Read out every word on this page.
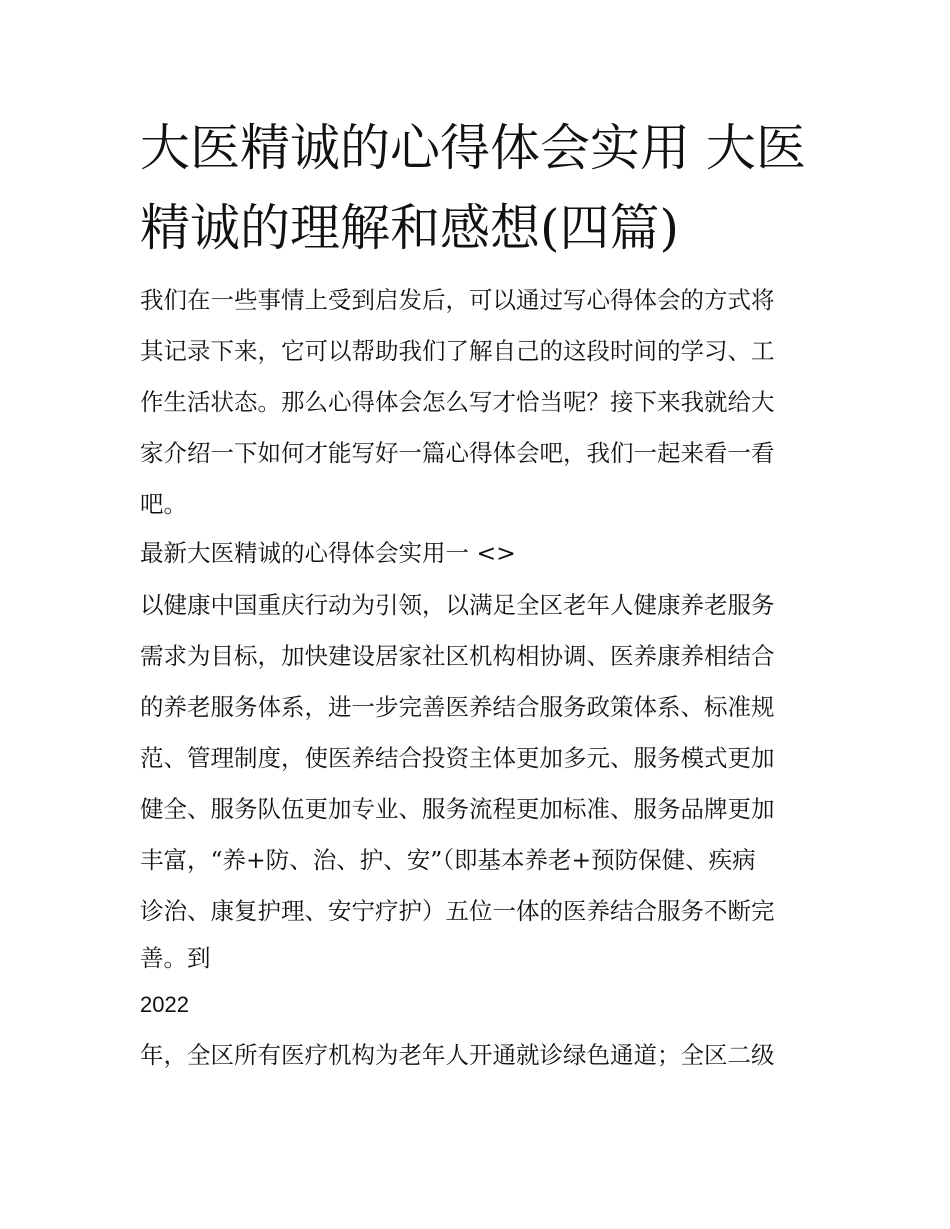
大医精诚的心得体会实用 大医
精诚的理解和感想(四篇)
我们在一些事情上受到启发后，可以通过写心得体会的方式将
其记录下来，它可以帮助我们了解自己的这段时间的学习、工
作生活状态。那么心得体会怎么写才恰当呢？接下来我就给大
家介绍一下如何才能写好一篇心得体会吧，我们一起来看一看
吧。
最新大医精诚的心得体会实用一 <>
以健康中国重庆行动为引领，以满足全区老年人健康养老服务
需求为目标，加快建设居家社区机构相协调、医养康养相结合
的养老服务体系，进一步完善医养结合服务政策体系、标准规
范、管理制度，使医养结合投资主体更加多元、服务模式更加
健全、服务队伍更加专业、服务流程更加标准、服务品牌更加
丰富，“养+防、治、护、安”（即基本养老+预防保健、疾病
诊治、康复护理、安宁疗护）五位一体的医养结合服务不断完
善。到
2022
年，全区所有医疗机构为老年人开通就诊绿色通道；全区二级
